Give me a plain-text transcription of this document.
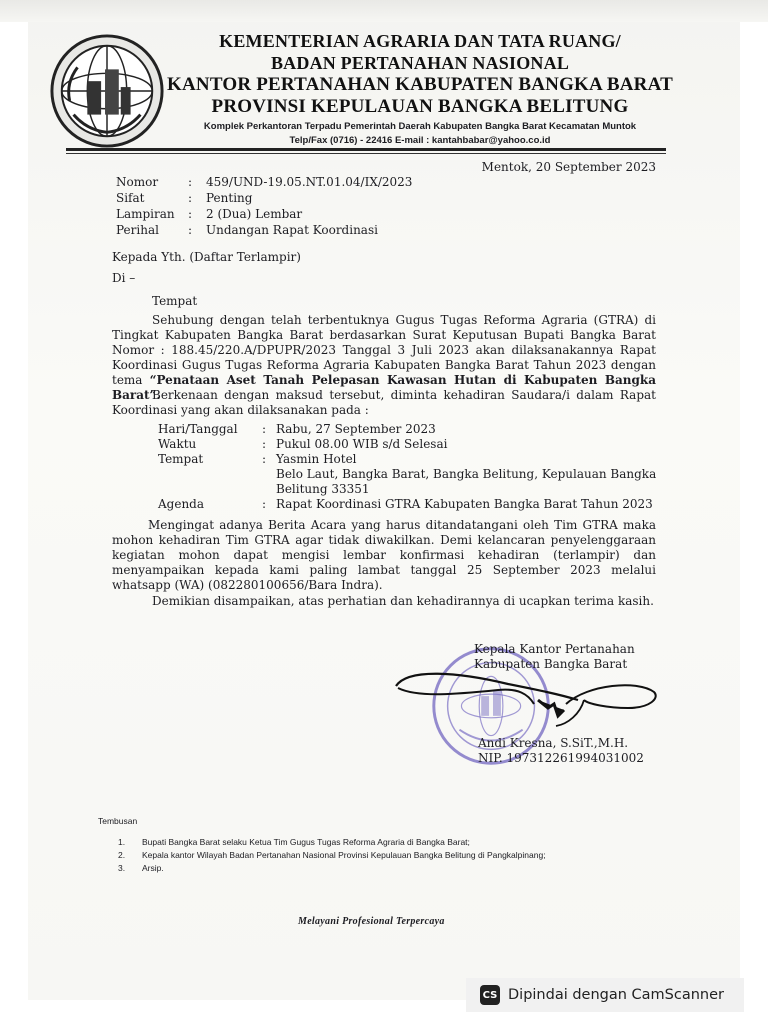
KEMENTERIAN AGRARIA DAN TATA RUANG/
BADAN PERTANAHAN NASIONAL
KANTOR PERTANAHAN KABUPATEN BANGKA BARAT
PROVINSI KEPULAUAN BANGKA BELITUNG
Komplek Perkantoran Terpadu Pemerintah Daerah Kabupaten Bangka Barat Kecamatan Muntok
Telp/Fax (0716) - 22416 E-mail : kantahbabar@yahoo.co.id
Mentok, 20 September 2023
Nomor	:	459/UND-19.05.NT.01.04/IX/2023
Sifat	:	Penting
Lampiran	:	2 (Dua) Lembar
Perihal	:	Undangan Rapat Koordinasi
Kepada Yth. (Daftar Terlampir)
Di –
Tempat
Sehubung dengan telah terbentuknya Gugus Tugas Reforma Agraria (GTRA) di Tingkat Kabupaten Bangka Barat berdasarkan Surat Keputusan Bupati Bangka Barat Nomor : 188.45/220.A/DPUPR/2023 Tanggal 3 Juli 2023 akan dilaksanakannya Rapat Koordinasi Gugus Tugas Reforma Agraria Kabupaten Bangka Barat Tahun 2023 dengan tema “Penataan Aset Tanah Pelepasan Kawasan Hutan di Kabupaten Bangka Barat”.
Berkenaan dengan maksud tersebut, diminta kehadiran Saudara/i dalam Rapat Koordinasi yang akan dilaksanakan pada :
Hari/Tanggal	: Rabu, 27 September 2023
Waktu	: Pukul 08.00 WIB s/d Selesai
Tempat	: Yasmin Hotel
Belo Laut, Bangka Barat, Bangka Belitung, Kepulauan Bangka Belitung 33351
Agenda	: Rapat Koordinasi GTRA Kabupaten Bangka Barat Tahun 2023
Mengingat adanya Berita Acara yang harus ditandatangani oleh Tim GTRA maka mohon kehadiran Tim GTRA agar tidak diwakilkan. Demi kelancaran penyelenggaraan kegiatan mohon dapat mengisi lembar konfirmasi kehadiran (terlampir) dan menyampaikan kepada kami paling lambat tanggal 25 September 2023 melalui whatsapp (WA) (082280100656/Bara Indra).
Demikian disampaikan, atas perhatian dan kehadirannya di ucapkan terima kasih.
Kepala Kantor Pertanahan
Kabupaten Bangka Barat
Andi Kresna, S.SiT.,M.H.
NIP. 197312261994031002
Tembusan
1.	Bupati Bangka Barat selaku Ketua Tim Gugus Tugas Reforma Agraria di Bangka Barat;
2.	Kepala kantor Wilayah Badan Pertanahan Nasional Provinsi Kepulauan Bangka Belitung di Pangkalpinang;
3.	Arsip.
Melayani Profesional Terpercaya
CS Dipindai dengan CamScanner
